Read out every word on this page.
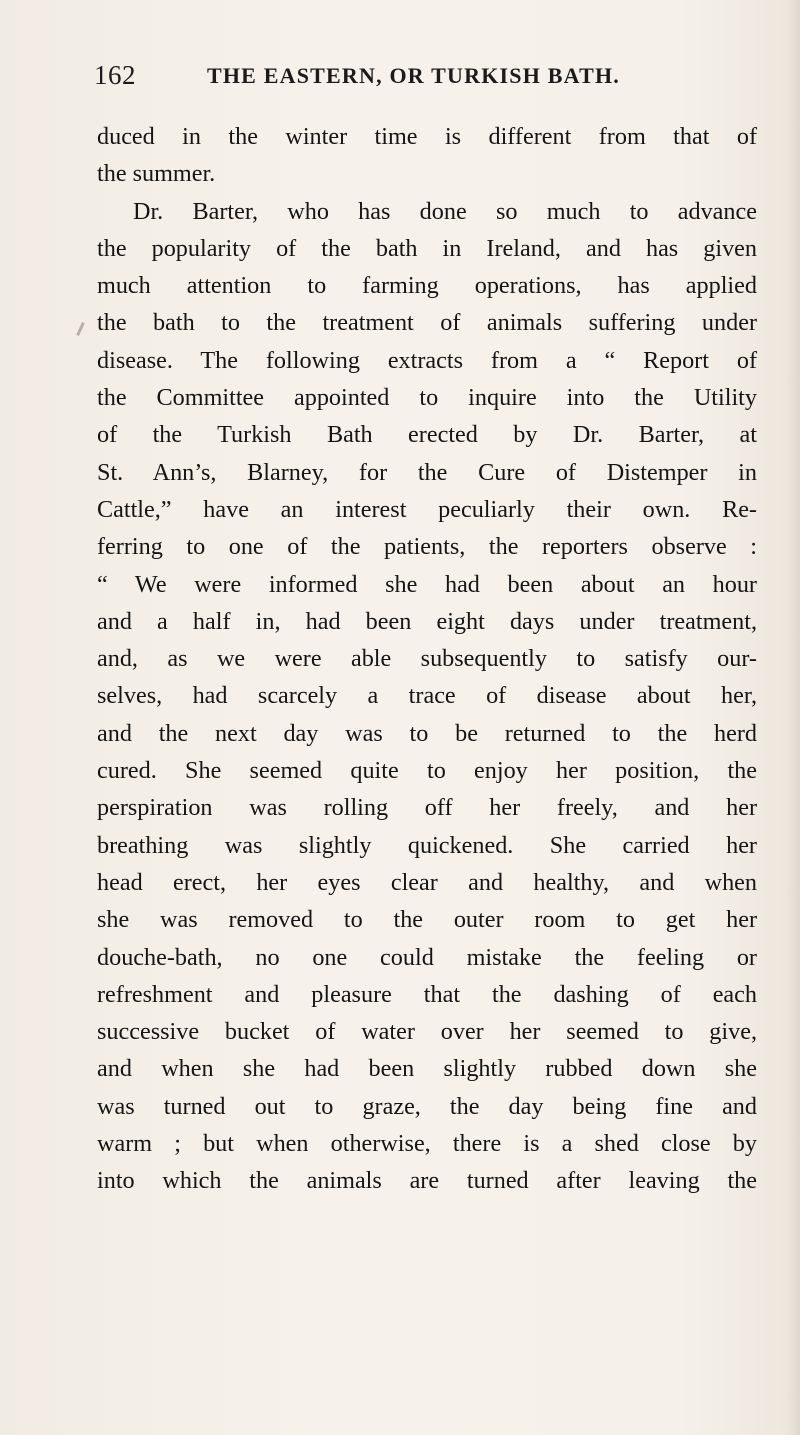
162	THE EASTERN, OR TURKISH BATH.
duced in the winter time is different from that of
the summer.
Dr. Barter, who has done so much to advance
the popularity of the bath in Ireland, and has given
much attention to farming operations, has applied
the bath to the treatment of animals suffering under
disease. The following extracts from a “ Report of
the Committee appointed to inquire into the Utility
of the Turkish Bath erected by Dr. Barter, at
St. Ann’s, Blarney, for the Cure of Distemper in
Cattle,” have an interest peculiarly their own. Re-
ferring to one of the patients, the reporters observe :
“ We were informed she had been about an hour
and a half in, had been eight days under treatment,
and, as we were able subsequently to satisfy our-
selves, had scarcely a trace of disease about her,
and the next day was to be returned to the herd
cured. She seemed quite to enjoy her position, the
perspiration was rolling off her freely, and her
breathing was slightly quickened. She carried her
head erect, her eyes clear and healthy, and when
she was removed to the outer room to get her
douche-bath, no one could mistake the feeling or
refreshment and pleasure that the dashing of each
successive bucket of water over her seemed to give,
and when she had been slightly rubbed down she
was turned out to graze, the day being fine and
warm ; but when otherwise, there is a shed close by
into which the animals are turned after leaving the
